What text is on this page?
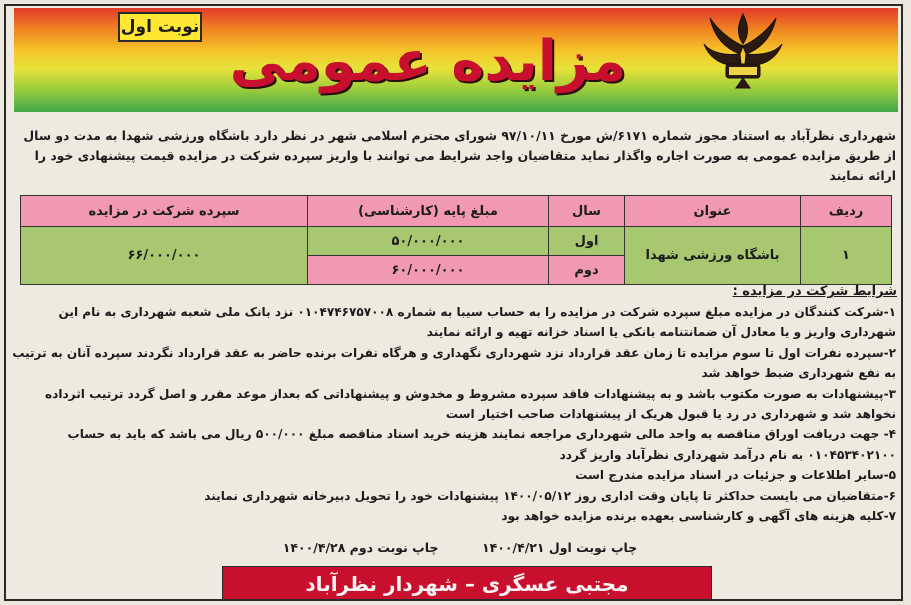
نوبت اول
مزایده عمومی
شهرداری نظرآباد به استناد مجوز شماره ۶۱۷۱/ش مورخ ۹۷/۱۰/۱۱ شورای محترم اسلامی شهر در نظر دارد باشگاه ورزشی شهدا به مدت دو سال از طریق مزایده عمومی به صورت اجاره واگذار نماید متقاضیان واجد شرایط می توانند با واریز سپرده شرکت در مزایده قیمت پیشنهادی خود را ارائه نمایند
ردیف	عنوان	سال	مبلغ پایه (کارشناسی)	سپرده شرکت در مزایده
۱	باشگاه ورزشی شهدا	اول	۵۰/۰۰۰/۰۰۰	۶۶/۰۰۰/۰۰۰
		دوم	۶۰/۰۰۰/۰۰۰	
شرایط شرکت در مزایده :
۱-شرکت کنندگان در مزایده مبلغ سپرده شرکت در مزایده را به حساب سیبا به شماره ۰۱۰۴۷۴۶۷۵۷۰۰۸ نزد بانک ملی شعبه شهرداری به نام این شهرداری واریز و یا معادل آن ضمانتنامه بانکی یا اسناد خزانه تهیه و ارائه نمایند
۲-سپرده نفرات اول تا سوم مزایده تا زمان عقد قرارداد نزد شهرداری نگهداری و هرگاه نفرات برنده حاضر به عقد قرارداد نگردند سپرده آنان به ترتیب به نفع شهرداری ضبط خواهد شد
۳-پیشنهادات به صورت مکتوب باشد و به پیشنهادات فاقد سپرده مشروط و مخدوش و پیشنهاداتی که بعداز موعد مقرر و اصل گردد ترتیب اثرداده نخواهد شد و شهرداری در رد یا قبول هریک از پیشنهادات صاحب اختیار است
۴- جهت دریافت اوراق مناقصه به واحد مالی شهرداری مراجعه نمایند هزینه خرید اسناد مناقصه مبلغ ۵۰۰/۰۰۰ ریال می باشد که باید به حساب ۰۱۰۴۵۳۴۰۲۱۰۰ به نام درآمد شهرداری نظرآباد واریز گردد
۵-سایر اطلاعات و جزئیات در اسناد مزایده مندرج است
۶-متقاضیان می بایست حداکثر تا پایان وقت اداری روز ۱۴۰۰/۰۵/۱۲ پیشنهادات خود را تحویل دبیرخانه شهرداری نمایند
۷-کلیه هزینه های آگهی و کارشناسی بعهده برنده مزایده خواهد بود
چاپ نوبت اول ۱۴۰۰/۴/۲۱          چاپ نوبت دوم ۱۴۰۰/۴/۲۸
مجتبی عسگری – شهردار نظرآباد
